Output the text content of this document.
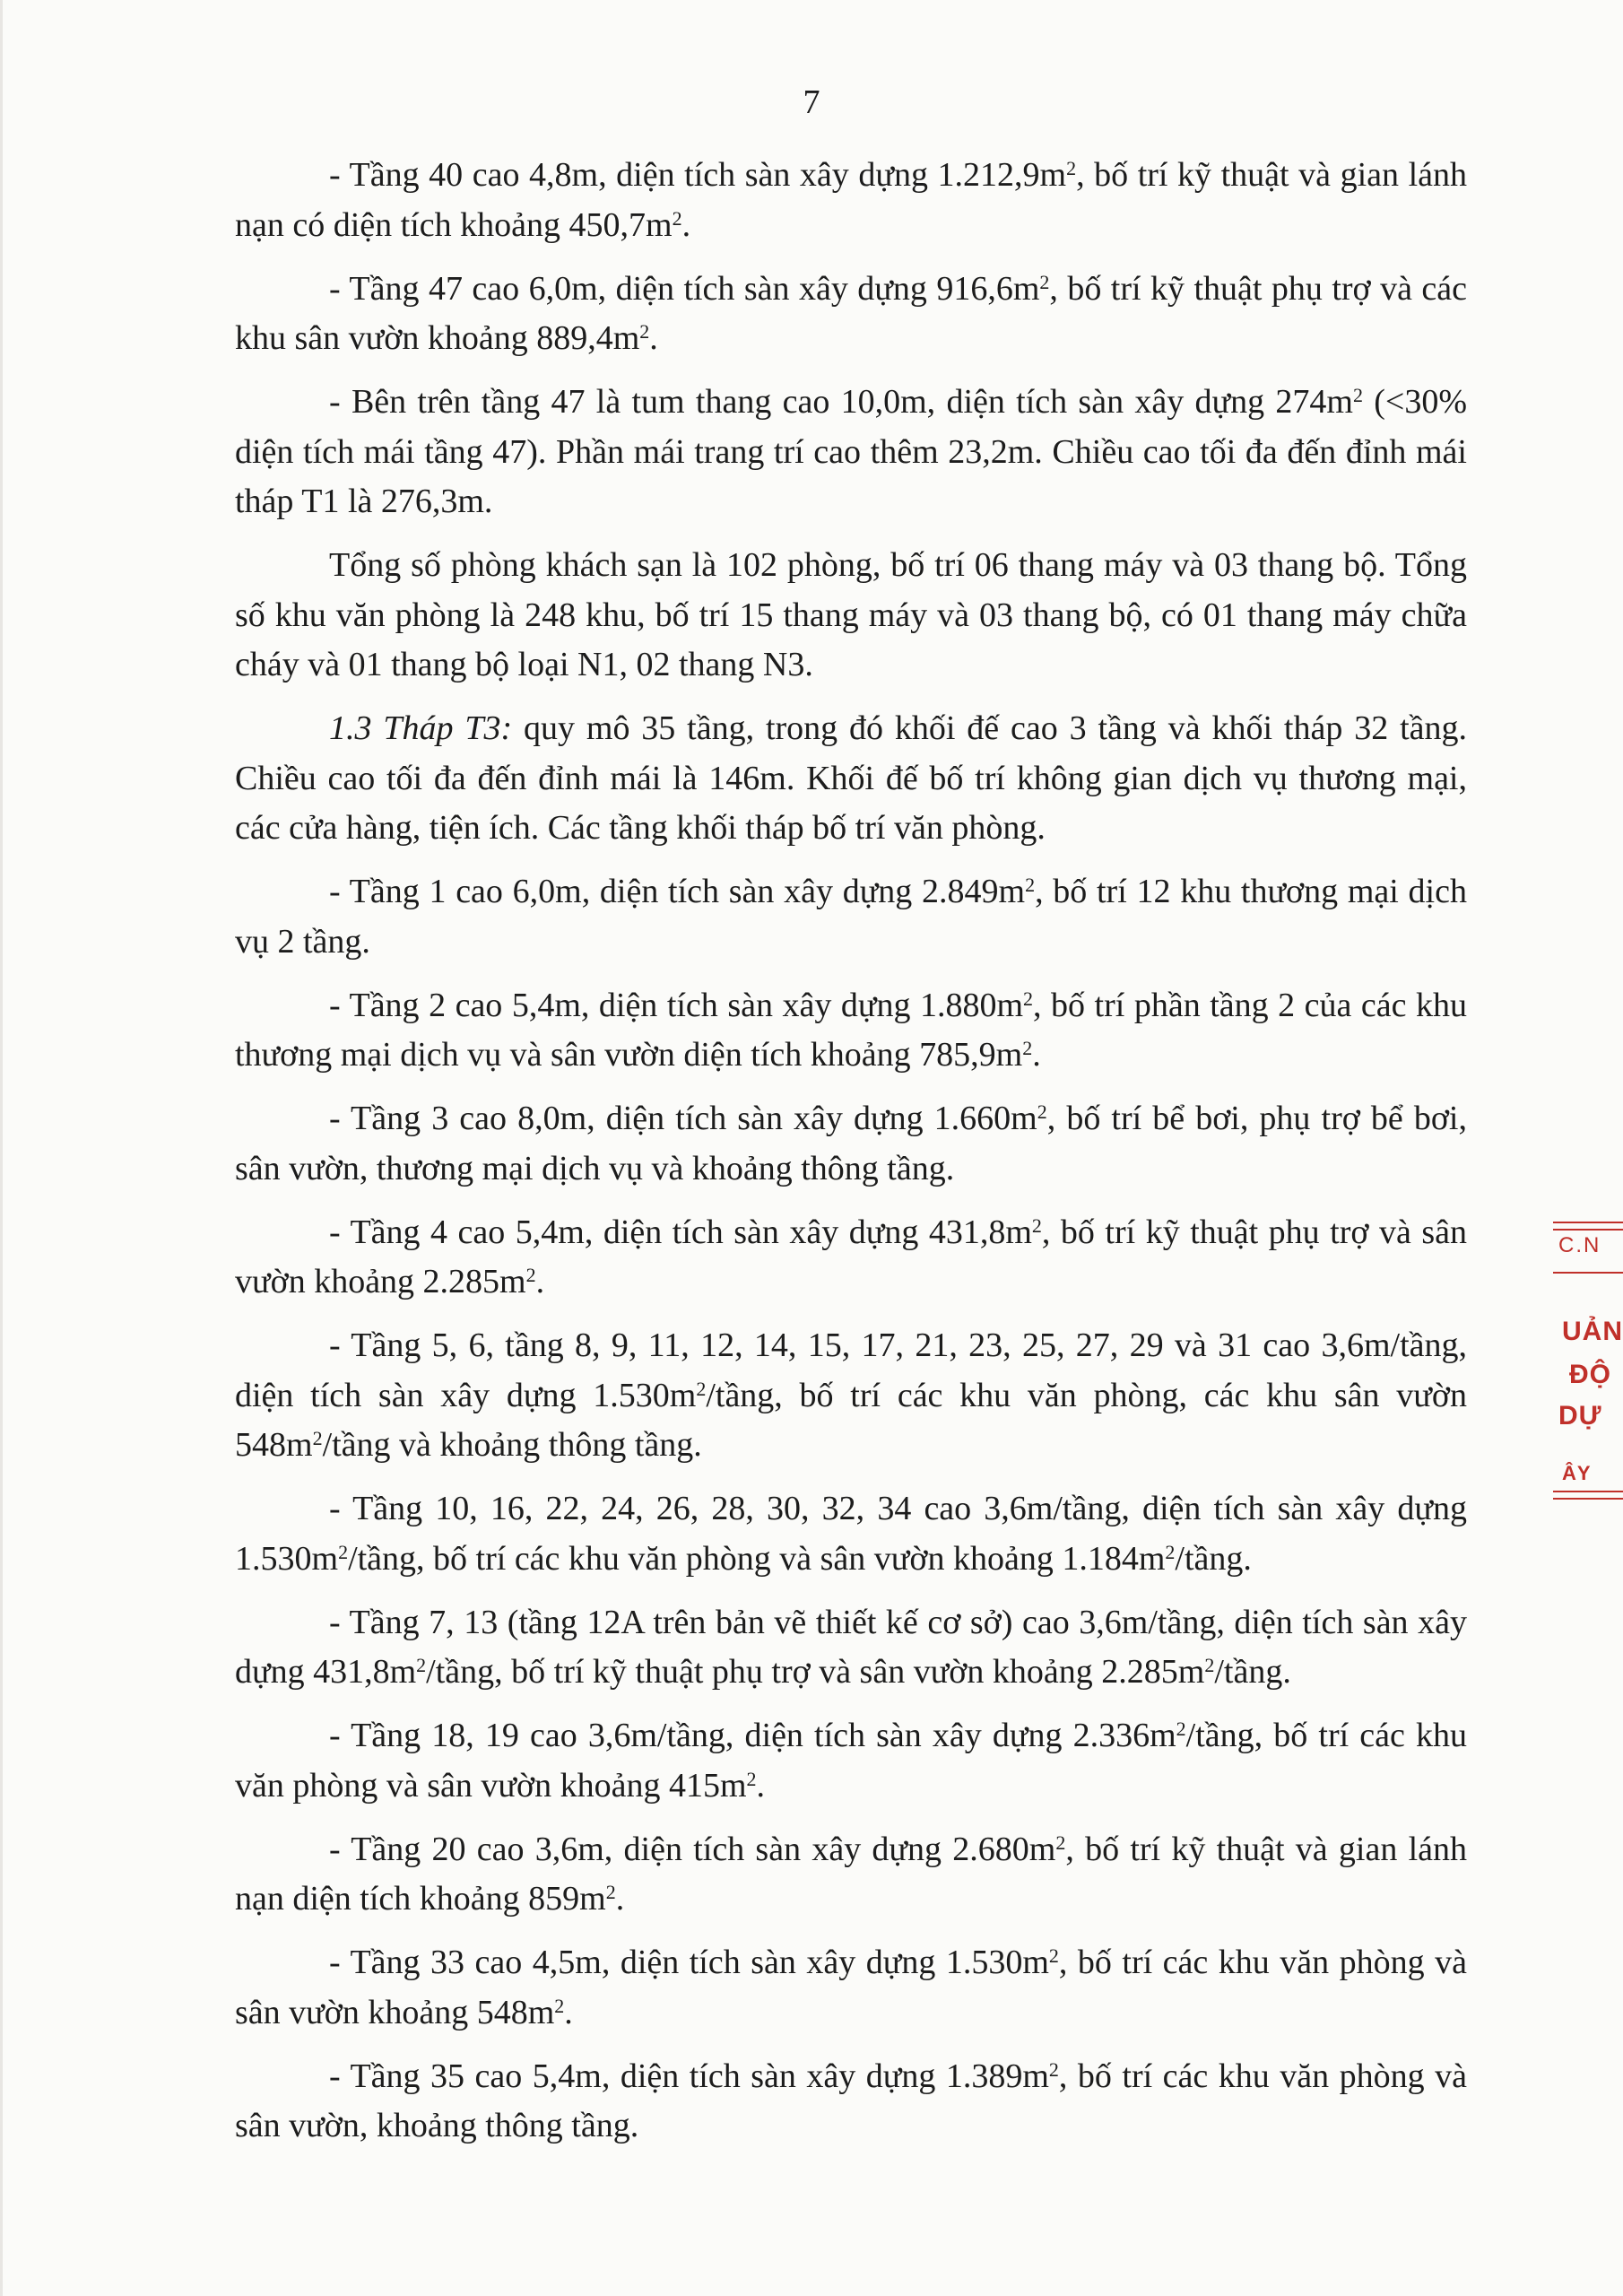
7

- Tầng 40 cao 4,8m, diện tích sàn xây dựng $1.212,9m^2$, bố trí kỹ thuật và gian lánh nạn có diện tích khoảng $450,7m^2$.

- Tầng 47 cao 6,0m, diện tích sàn xây dựng $916,6m^2$, bố trí kỹ thuật phụ trợ và các khu sân vườn khoảng $889,4m^2$.

- Bên trên tầng 47 là tum thang cao 10,0m, diện tích sàn xây dựng $274m^2$ (<30% diện tích mái tầng 47). Phần mái trang trí cao thêm 23,2m. Chiều cao tối đa đến đỉnh mái tháp T1 là 276,3m.

Tổng số phòng khách sạn là 102 phòng, bố trí 06 thang máy và 03 thang bộ. Tổng số khu văn phòng là 248 khu, bố trí 15 thang máy và 03 thang bộ, có 01 thang máy chữa cháy và 01 thang bộ loại N1, 02 thang N3.

1.3 Tháp T3: quy mô 35 tầng, trong đó khối đế cao 3 tầng và khối tháp 32 tầng. Chiều cao tối đa đến đỉnh mái là 146m. Khối đế bố trí không gian dịch vụ thương mại, các cửa hàng, tiện ích. Các tầng khối tháp bố trí văn phòng.

- Tầng 1 cao 6,0m, diện tích sàn xây dựng $2.849m^2$, bố trí 12 khu thương mại dịch vụ 2 tầng.

- Tầng 2 cao 5,4m, diện tích sàn xây dựng $1.880m^2$, bố trí phần tầng 2 của các khu thương mại dịch vụ và sân vườn diện tích khoảng $785,9m^2$.

- Tầng 3 cao 8,0m, diện tích sàn xây dựng $1.660m^2$, bố trí bể bơi, phụ trợ bể bơi, sân vườn, thương mại dịch vụ và khoảng thông tầng.

- Tầng 4 cao 5,4m, diện tích sàn xây dựng $431,8m^2$, bố trí kỹ thuật phụ trợ và sân vườn khoảng $2.285m^2$.

- Tầng 5, 6, tầng 8, 9, 11, 12, 14, 15, 17, 21, 23, 25, 27, 29 và 31 cao 3,6m/tầng, diện tích sàn xây dựng $1.530m^2$/tầng, bố trí các khu văn phòng, các khu sân vườn $548m^2$/tầng và khoảng thông tầng.

- Tầng 10, 16, 22, 24, 26, 28, 30, 32, 34 cao 3,6m/tầng, diện tích sàn xây dựng $1.530m^2$/tầng, bố trí các khu văn phòng và sân vườn khoảng $1.184m^2$/tầng.

- Tầng 7, 13 (tầng 12A trên bản vẽ thiết kế cơ sở) cao 3,6m/tầng, diện tích sàn xây dựng $431,8m^2$/tầng, bố trí kỹ thuật phụ trợ và sân vườn khoảng $2.285m^2$/tầng.

- Tầng 18, 19 cao 3,6m/tầng, diện tích sàn xây dựng $2.336m^2$/tầng, bố trí các khu văn phòng và sân vườn khoảng $415m^2$.

- Tầng 20 cao 3,6m, diện tích sàn xây dựng $2.680m^2$, bố trí kỹ thuật và gian lánh nạn diện tích khoảng $859m^2$.

- Tầng 33 cao 4,5m, diện tích sàn xây dựng $1.530m^2$, bố trí các khu văn phòng và sân vườn khoảng $548m^2$.

- Tầng 35 cao 5,4m, diện tích sàn xây dựng $1.389m^2$, bố trí các khu văn phòng và sân vườn, khoảng thông tầng.

C.N
UẢN
ĐỘ
DỰ
ÂY
